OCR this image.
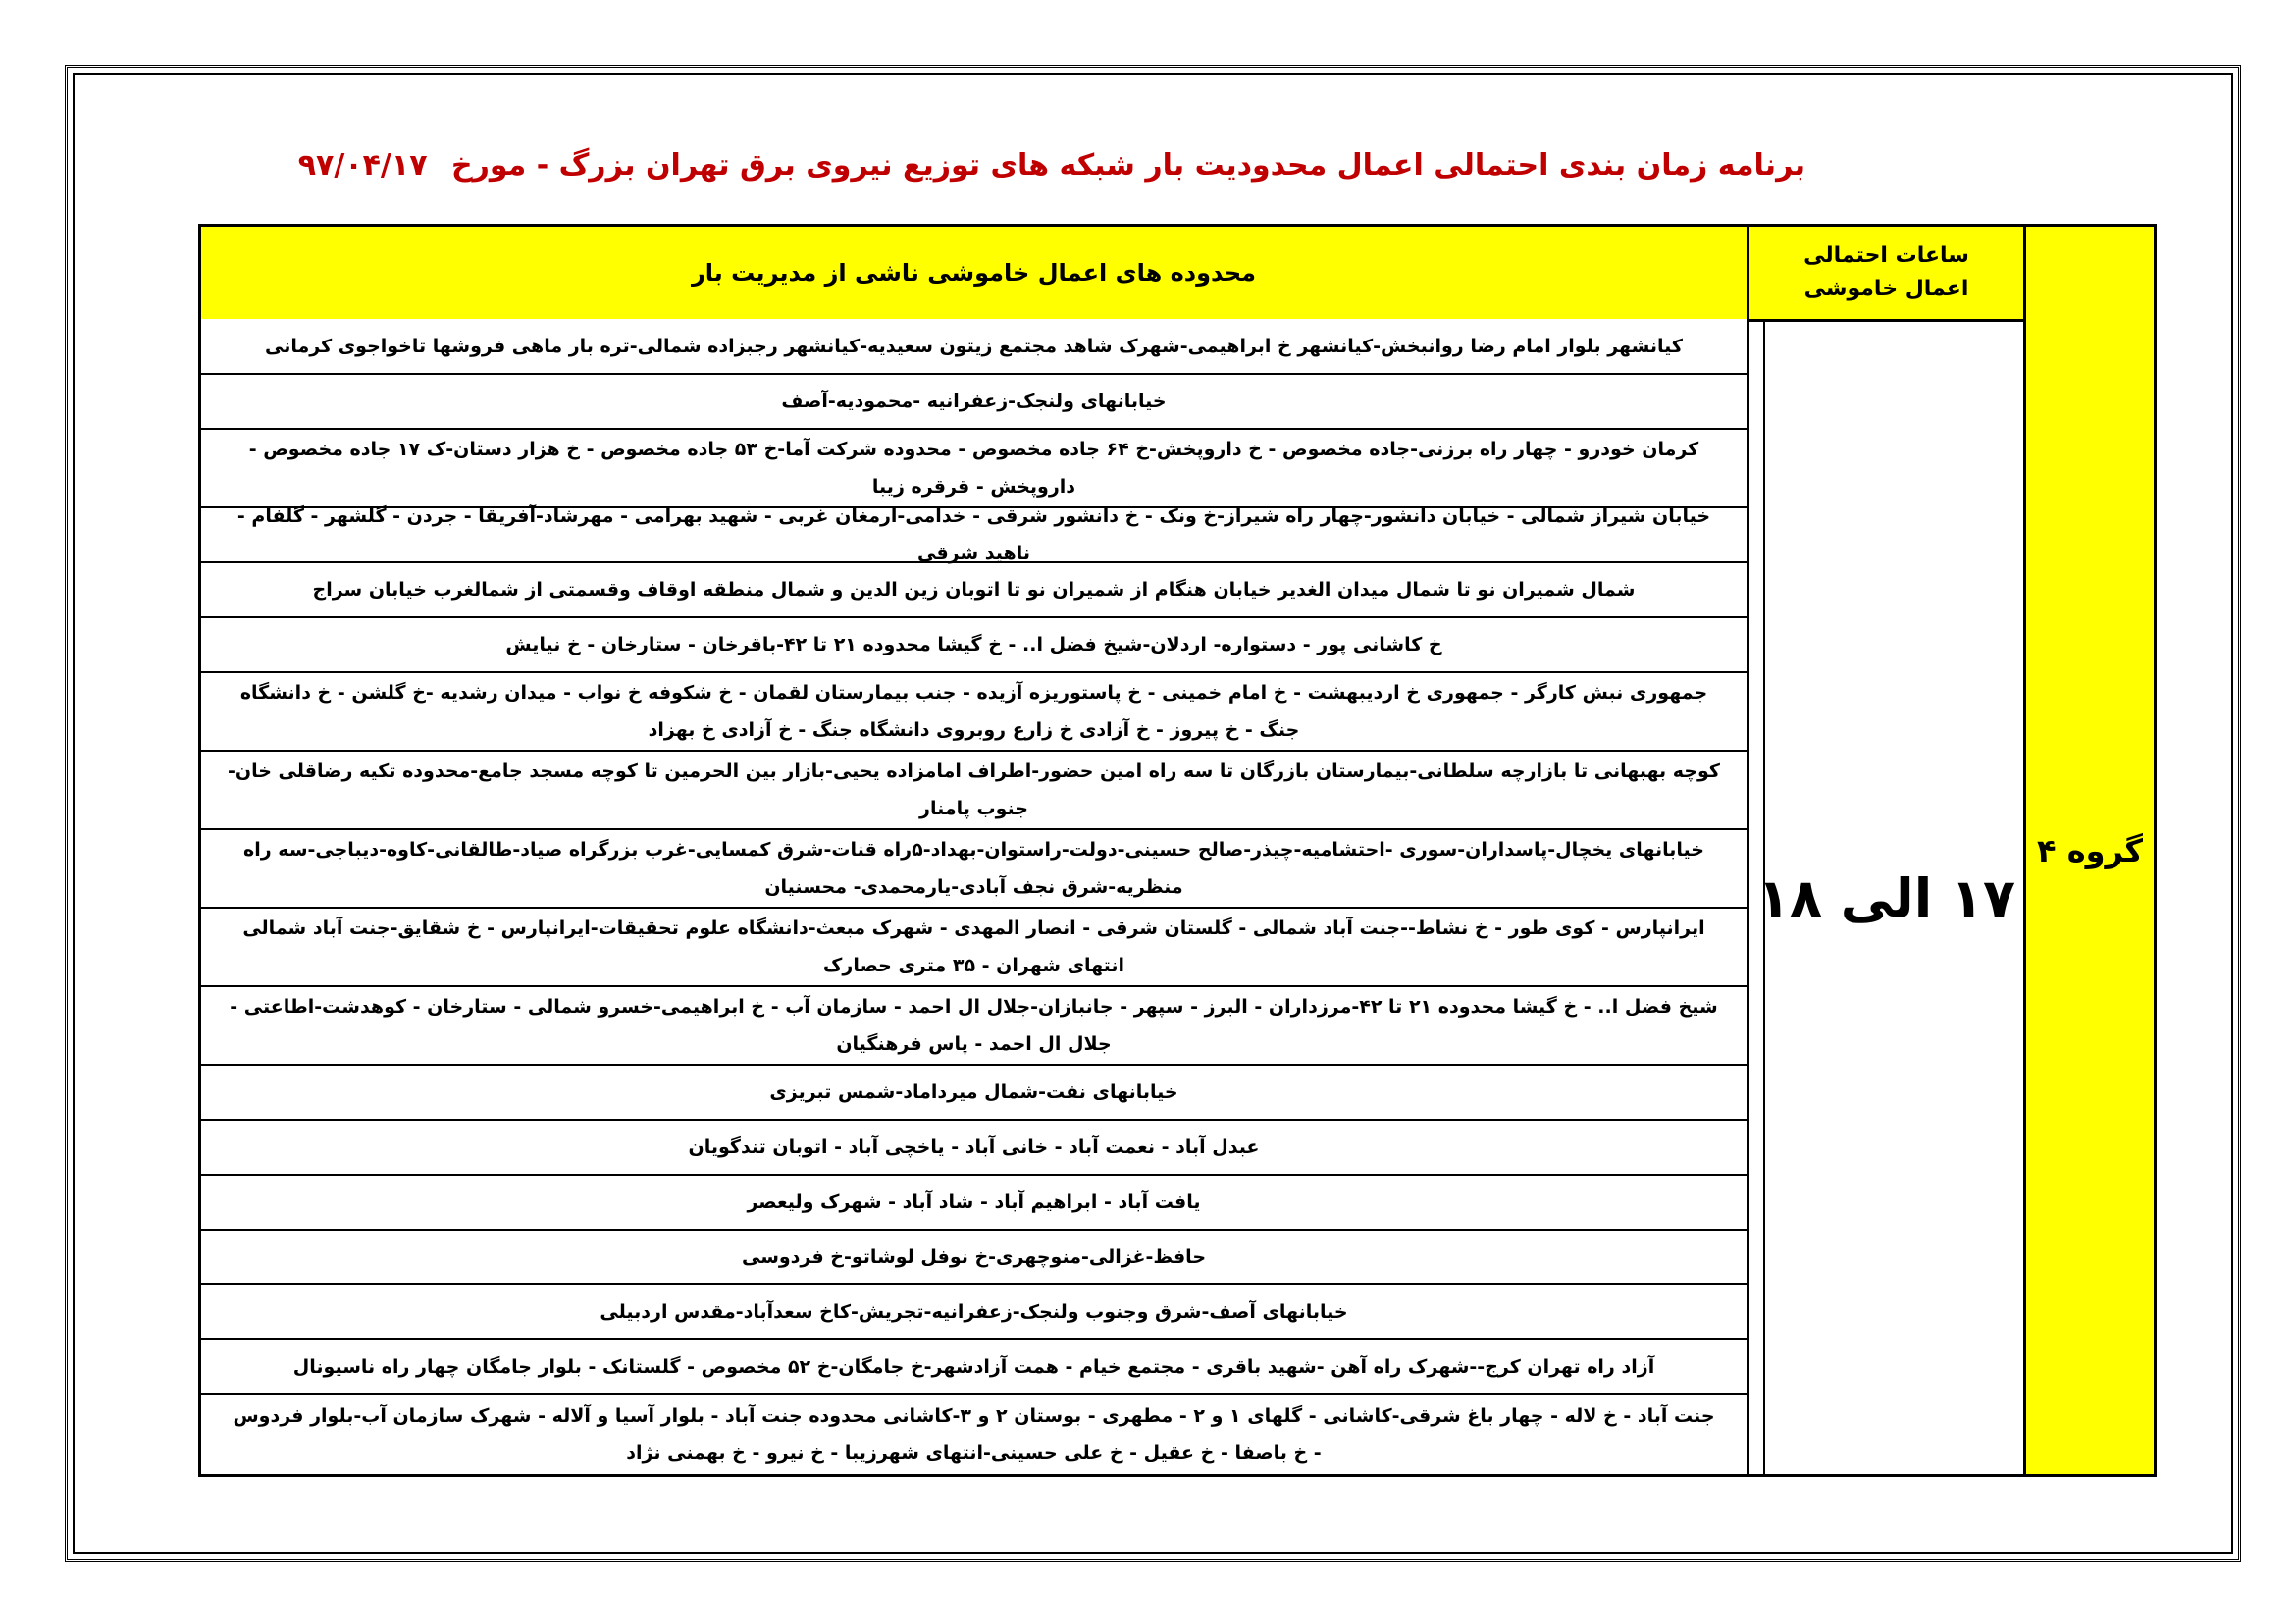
برنامه زمان بندی احتمالی اعمال محدودیت بار شبکه های توزیع نیروی برق تهران بزرگ - مورخ ۹۷/۰۴/۱۷
گروه ۴
ساعات احتمالی اعمال خاموشی
محدوده های اعمال خاموشی ناشی از مدیریت بار
۱۷ الی ۱۸
کیانشهر بلوار امام رضا روانبخش-کیانشهر خ ابراهیمی-شهرک شاهد مجتمع زیتون سعیدیه-کیانشهر رجبزاده شمالی-تره بار ماهی فروشها تاخواجوی کرمانی
خیابانهای ولنجک-زعفرانیه -محمودیه-آصف
کرمان خودرو - چهار راه برزنی-جاده مخصوص - خ داروپخش-خ ۶۴ جاده مخصوص - محدوده شرکت آما-خ ۵۳ جاده مخصوص - خ هزار دستان-ک ۱۷ جاده مخصوص - داروپخش - قرقره زیبا
خیابان شیراز شمالی - خیابان دانشور-چهار راه شیراز-خ ونک - خ دانشور شرقی - خدامی-ارمغان غربی - شهید بهرامی - مهرشاد-آفریقا - جردن - گلشهر - گلفام - ناهید شرقی
شمال شمیران نو تا شمال میدان الغدیر خیابان هنگام از شمیران نو تا اتوبان زین الدین و شمال منطقه اوقاف وقسمتی از شمالغرب خیابان سراج
خ کاشانی پور - دستواره- اردلان-شیخ فضل ا.. - خ گیشا محدوده ۲۱ تا ۴۲-باقرخان - ستارخان - خ نیایش
جمهوری نبش کارگر - جمهوری خ اردیبهشت - خ امام خمینی - خ پاستوریزه آزیده - جنب بیمارستان لقمان - خ شکوفه خ نواب - میدان رشدیه -خ گلشن - خ دانشگاه جنگ - خ پیروز - خ آزادی خ زارع روبروی دانشگاه جنگ - خ آزادی خ بهزاد
کوچه بهبهانی تا بازارچه سلطانی-بیمارستان بازرگان تا سه راه امین حضور-اطراف امامزاده یحیی-بازار بین الحرمین تا کوچه مسجد جامع-محدوده تکیه رضاقلی خان-جنوب پامنار
خیابانهای یخچال-پاسداران-سوری -احتشامیه-چیذر-صالح حسینی-دولت-راستوان-بهداد-۵راه قنات-شرق کمسایی-غرب بزرگراه صیاد-طالقانی-کاوه-دیباجی-سه راه منظریه-شرق نجف آبادی-یارمحمدی- محسنیان
ایرانپارس - کوی طور - خ نشاط--جنت آباد شمالی - گلستان شرقی - انصار المهدی - شهرک مبعث-دانشگاه علوم تحقیقات-ایرانپارس - خ شقایق-جنت آباد شمالی انتهای شهران - ۳۵ متری حصارک
شیخ فضل ا.. - خ گیشا محدوده ۲۱ تا ۴۲-مرزداران - البرز - سپهر - جانبازان-جلال ال احمد - سازمان آب - خ ابراهیمی-خسرو شمالی - ستارخان - کوهدشت-اطاعتی - جلال ال احمد - پاس فرهنگیان
خیابانهای نفت-شمال میرداماد-شمس تبریزی
عبدل آباد - نعمت آباد - خانی آباد - یاخچی آباد - اتوبان تندگویان
یافت آباد - ابراهیم آباد - شاد آباد - شهرک ولیعصر
حافظ-غزالی-منوچهری-خ نوفل لوشاتو-خ فردوسی
خیابانهای آصف-شرق وجنوب ولنجک-زعفرانیه-تجریش-کاخ سعدآباد-مقدس اردبیلی
آزاد راه تهران کرج--شهرک راه آهن -شهید باقری - مجتمع خیام - همت آزادشهر-خ جامگان-خ ۵۲ مخصوص - گلستانک - بلوار جامگان چهار راه ناسیونال
جنت آباد - خ لاله - چهار باغ شرقی-کاشانی - گلهای ۱ و ۲ - مطهری - بوستان ۲ و ۳-کاشانی محدوده جنت آباد - بلوار آسیا و آلاله - شهرک سازمان آب-بلوار فردوس - خ باصفا - خ عقیل - خ علی حسینی-انتهای شهرزیبا - خ نیرو - خ بهمنی نژاد
